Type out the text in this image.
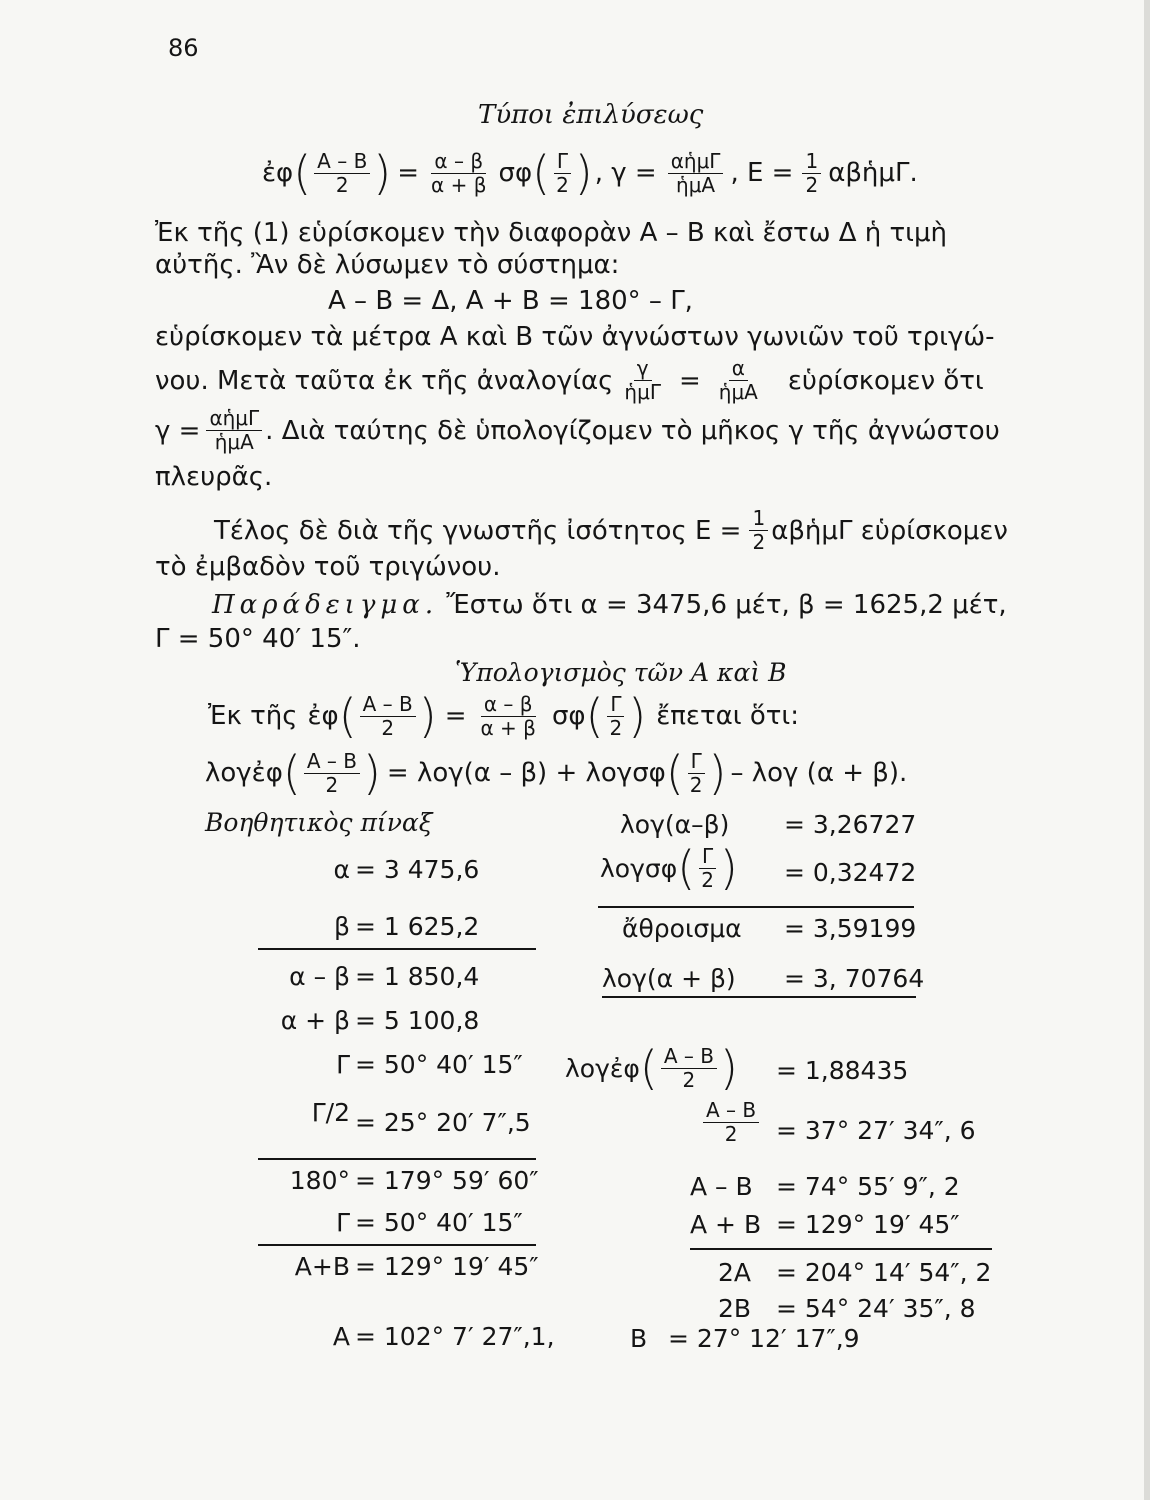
86
Τύποι ἐπιλύσεως
ἐφ ( $\frac{A - B}{2}$ ) = $\frac{\alpha - \beta}{\alpha + \beta}$ σφ ( $\frac{\Gamma}{2}$ ) , $\gamma = \frac{\text{αἡμΓ}}{\text{ἡμΑ}}$ , $E = \frac{1}{2}$ αβἡμΓ.
Ἐκ τῆς (1) εὑρίσκομεν τὴν διαφορὰν Α – Β καὶ ἔστω Δ ἡ τιμὴ
αὐτῆς. Ἂν δὲ λύσωμεν τὸ σύστημα:
Α – Β = Δ, Α + Β = 180° – Γ,
εὑρίσκομεν τὰ μέτρα Α καὶ Β τῶν ἀγνώστων γωνιῶν τοῦ τριγώ-
νου. Μετὰ ταῦτα ἐκ τῆς ἀναλογίας $\frac{\gamma}{\text{ἡμΓ}} = \frac{\alpha}{\text{ἡμΑ}}$ εὑρίσκομεν ὅτι
$\gamma = \frac{\text{αἡμΓ}}{\text{ἡμΑ}}$ . Διὰ ταύτης δὲ ὑπολογίζομεν τὸ μῆκος γ τῆς ἀγνώστου
πλευρᾶς.
Τέλος δὲ διὰ τῆς γνωστῆς ἰσότητος $E = \frac{1}{2}$ αβἡμΓ εὑρίσκομεν
τὸ ἐμβαδὸν τοῦ τριγώνου.
Παράδειγμα. Ἔστω ὅτι α = 3475,6 μέτ, β = 1625,2 μέτ,
Γ = 50° 40′ 15″.
Ὑπολογισμὸς τῶν Α καὶ Β
Ἐκ τῆς ἐφ ( $\frac{A - B}{2}$ ) = $\frac{\alpha - \beta}{\alpha + \beta}$ σφ ( $\frac{\Gamma}{2}$ ) ἔπεται ὅτι:
λογἐφ ( $\frac{A - B}{2}$ ) = λογ(α – β) + λογσφ ( $\frac{\Gamma}{2}$ ) – λογ (α + β).
Βοηθητικὸς πίναξ
α = 3 475,6
β = 1 625,2
α – β = 1 850,4
α + β = 5 100,8
Γ = 50° 40′ 15″
Γ/2 = 25° 20′ 7″,5
180° = 179° 59′ 60″
Γ = 50° 40′ 15″
Α+Β = 129° 19′ 45″
Α = 102° 7′ 27″,1,
λογ(α–β) = 3,26727
λογσφ ( $\frac{\Gamma}{2}$ ) = 0,32472
ἄθροισμα = 3,59199
λογ(α + β) = 3, 70764
λογἐφ ( $\frac{A - B}{2}$ ) = 1,88435
$\frac{A - B}{2} = 37^\circ$ 27′ 34″, 6
Α – Β = 74° 55′ 9″, 2
Α + Β = 129° 19′ 45″
2Α = 204° 14′ 54″, 2
2Β = 54° 24′ 35″, 8
Β = 27° 12′ 17″,9
